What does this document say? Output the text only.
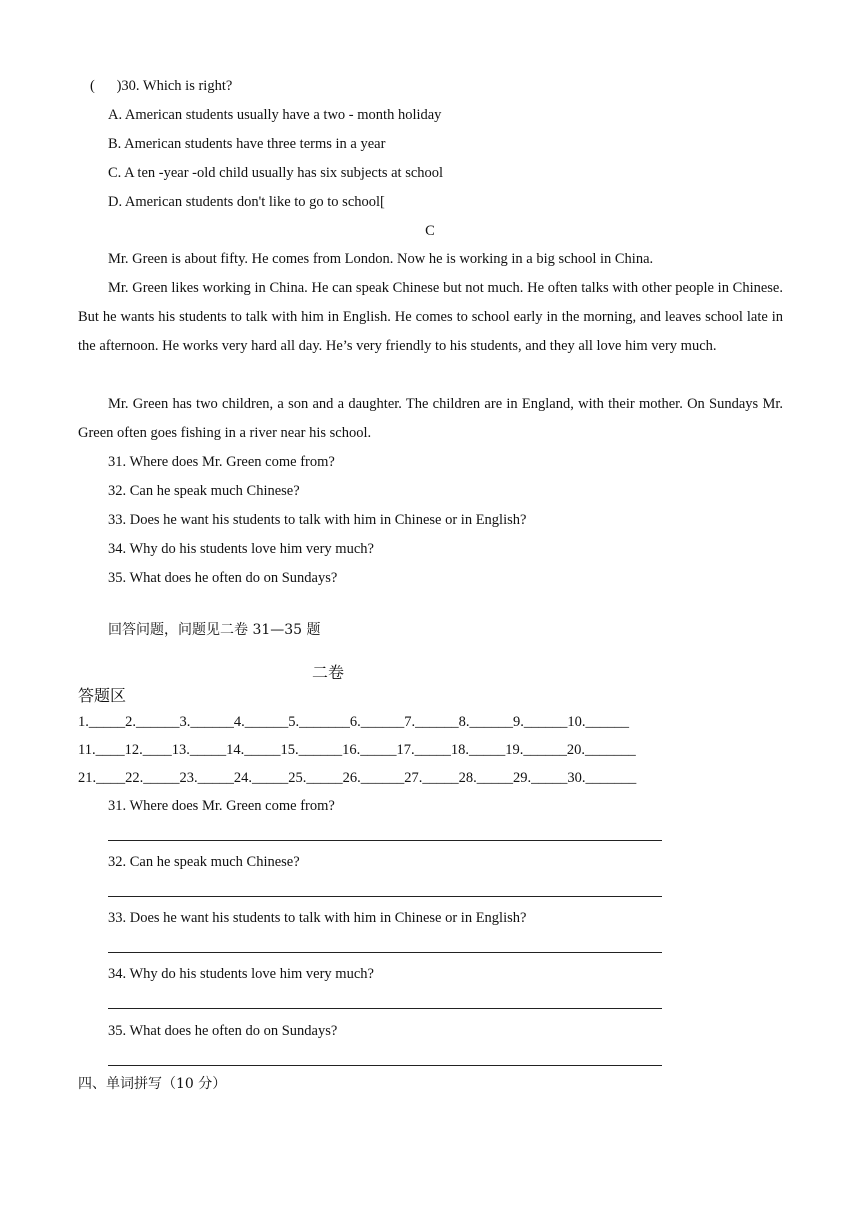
(      )30. Which is right?
A. American students usually have a two - month holiday
B. American students have three terms in a year
C. A ten -year -old child usually has six subjects at school
D. American students don't like to go to school[
C
Mr. Green is about fifty. He comes from London. Now he is working in a big school in China.
Mr. Green likes working in China. He can speak Chinese but not much. He often talks with other people in Chinese. But he wants his students to talk with him in English. He comes to school early in the morning, and leaves school late in the afternoon. He works very hard all day. He’s very friendly to his students, and they all love him very much.
Mr. Green has two children, a son and a daughter. The children are in England, with their mother. On Sundays Mr. Green often goes fishing in a river near his school.
31. Where does Mr. Green come from?
32. Can he speak much Chinese?
33. Does he want his students to talk with him in Chinese or in English?
34. Why do his students love him very much?
35. What does he often do on Sundays?
回答问题，问题见二卷 31—35 题
二卷
答题区
1._____2.______3.______4.______5._______6.______7.______8.______9.______10.______
11.____12.____13._____14._____15.______16._____17._____18._____19.______20._______
21.____22._____23._____24._____25._____26.______27._____28._____29._____30._______
31. Where does Mr. Green come from?
32. Can he speak much Chinese?
33. Does he want his students to talk with him in Chinese or in English?
34. Why do his students love him very much?
35. What does he often do on Sundays?
四、单词拼写（10 分）
